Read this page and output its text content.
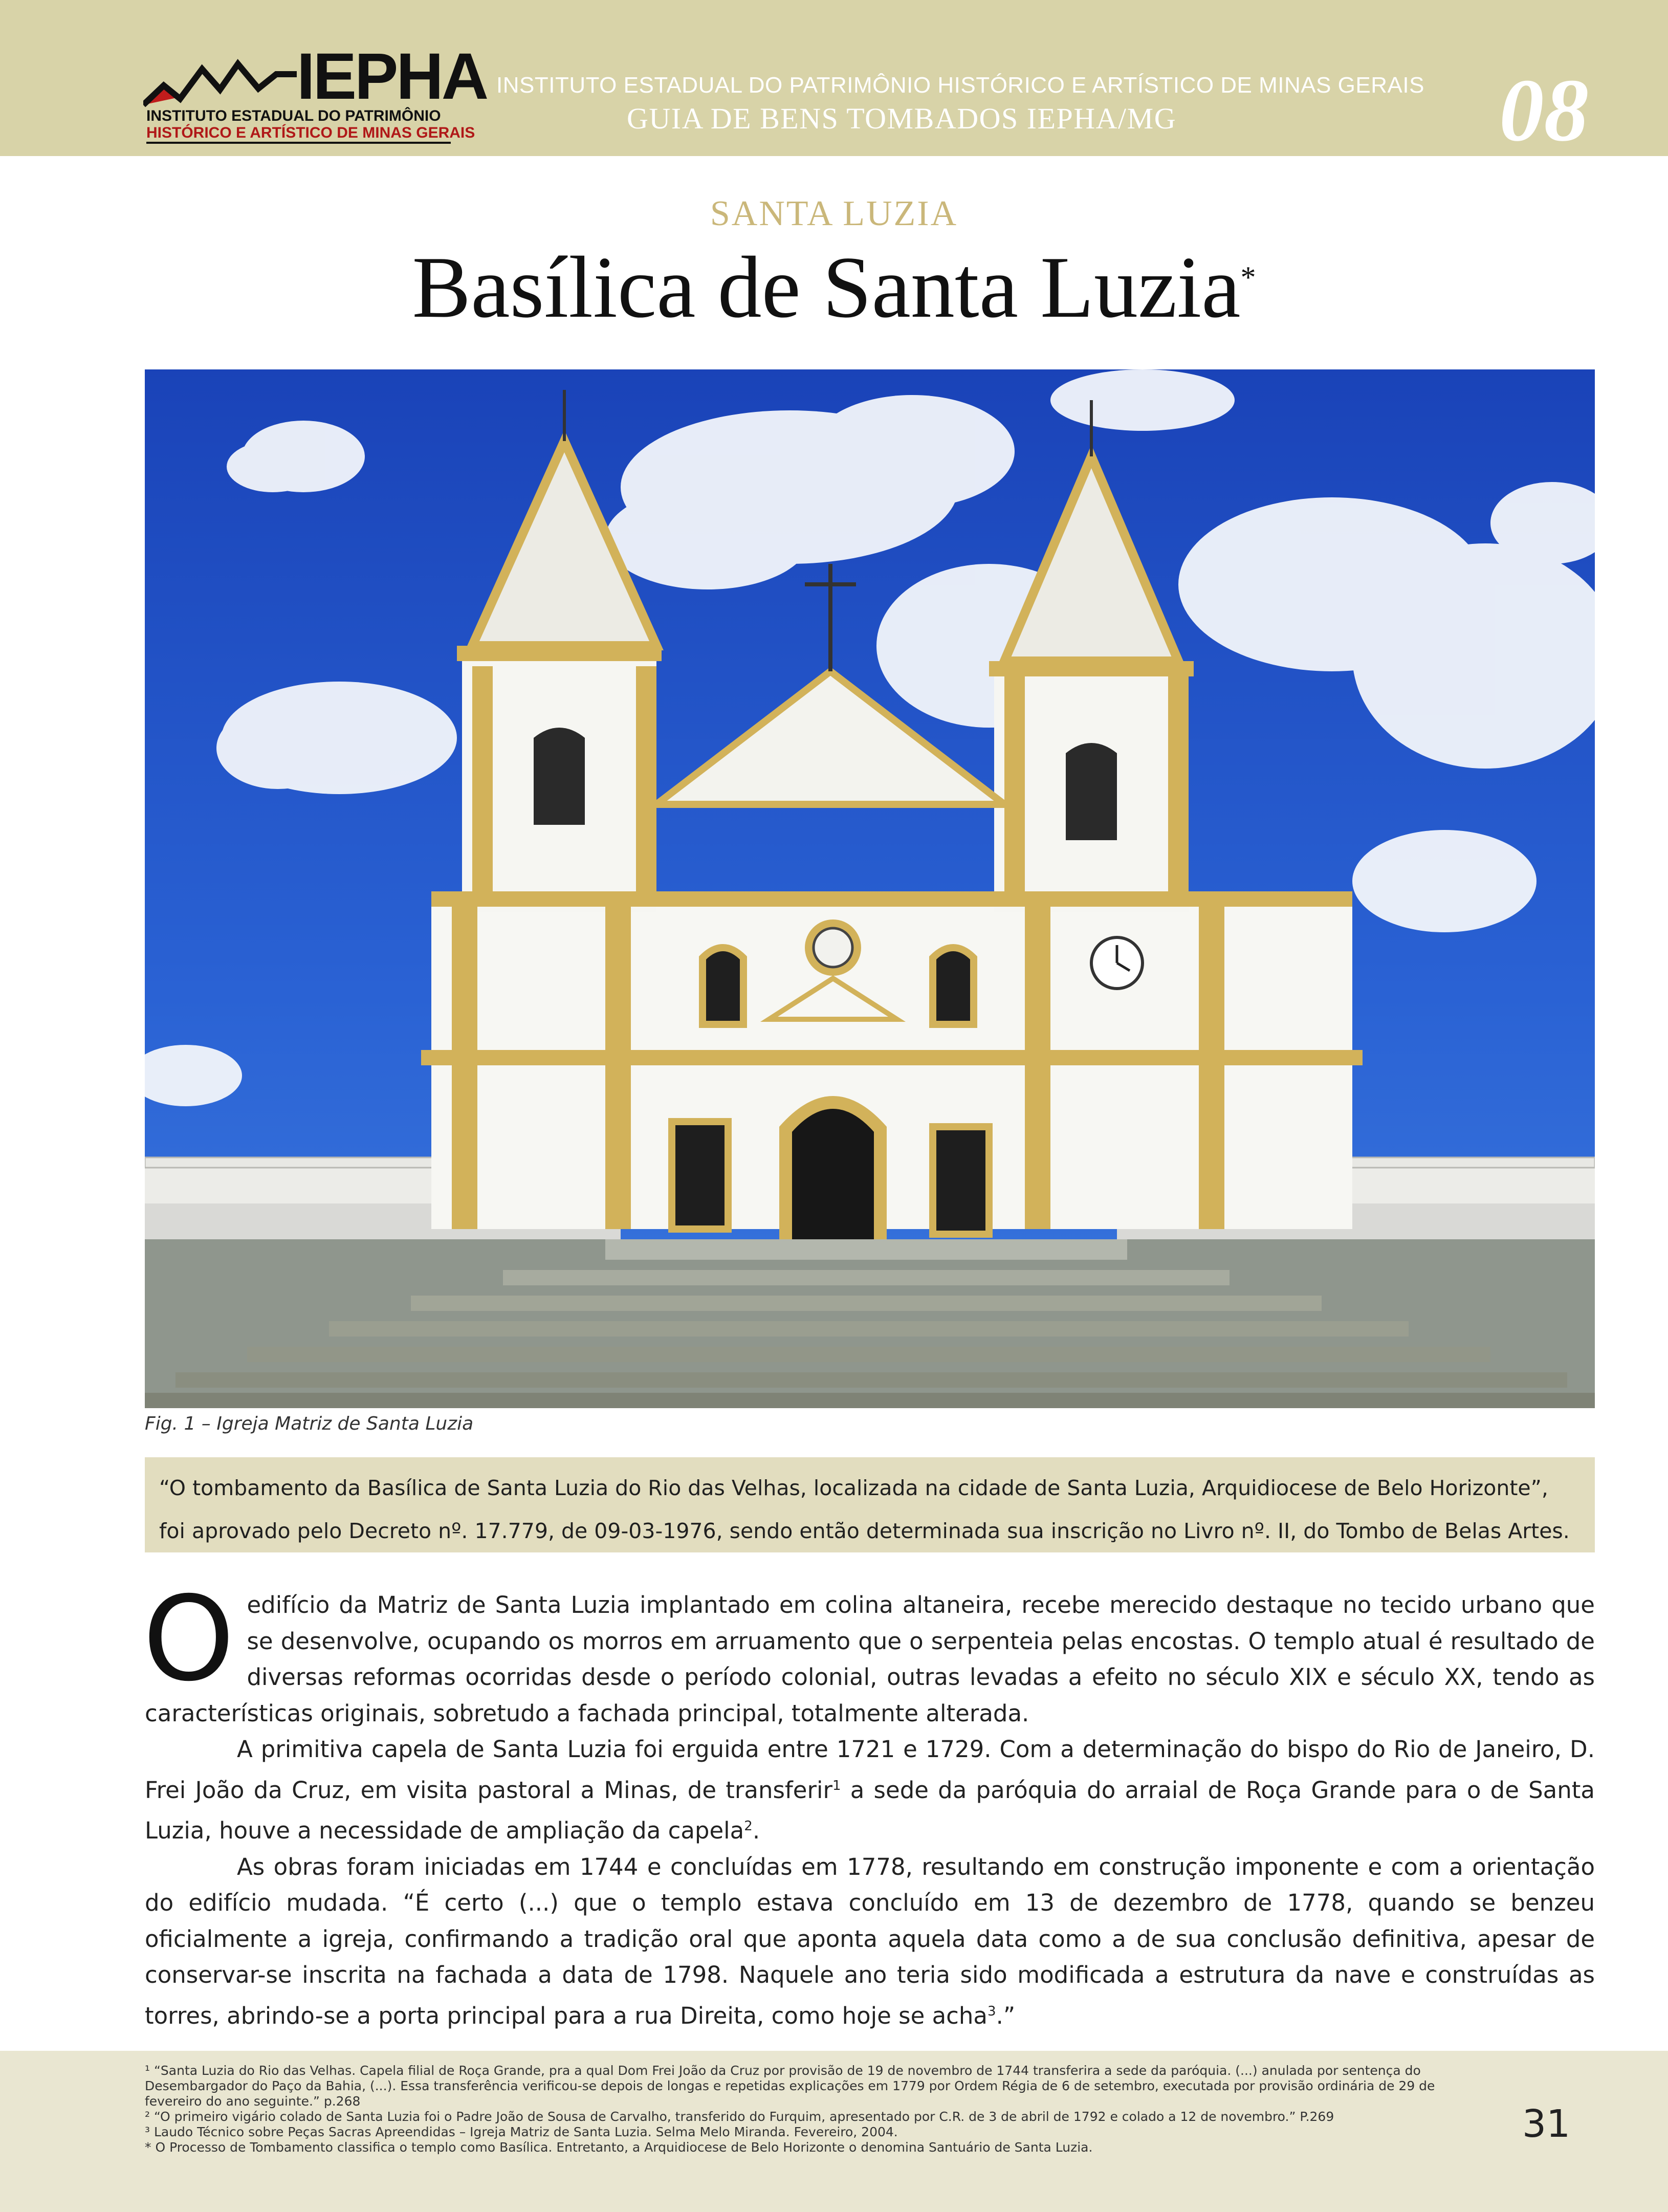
IEPHA
INSTITUTO ESTADUAL DO PATRIMÔNIO
HISTÓRICO E ARTÍSTICO DE MINAS GERAIS
INSTITUTO ESTADUAL DO PATRIMÔNIO HISTÓRICO E ARTÍSTICO DE MINAS GERAIS
GUIA DE BENS TOMBADOS IEPHA/MG	08
SANTA LUZIA
Basílica de Santa Luzia*
Fig. 1 – Igreja Matriz de Santa Luzia
“O tombamento da Basílica de Santa Luzia do Rio das Velhas, localizada na cidade de Santa Luzia, Arquidiocese de Belo Horizonte”, foi aprovado pelo Decreto nº. 17.779, de 09-03-1976, sendo então determinada sua inscrição no Livro nº. II, do Tombo de Belas Artes.

Oedifício da Matriz de Santa Luzia implantado em colina altaneira, recebe merecido destaque no tecido urbano que se desenvolve, ocupando os morros em arruamento que o serpenteia pelas encostas. O templo atual é resultado de diversas reformas ocorridas desde o período colonial, outras levadas a efeito no século XIX e século XX, tendo as características originais, sobretudo a fachada principal, totalmente alterada.

A primitiva capela de Santa Luzia foi erguida entre 1721 e 1729. Com a determinação do bispo do Rio de Janeiro, D. Frei João da Cruz, em visita pastoral a Minas, de transferir$^1$ a sede da paróquia do arraial de Roça Grande para o de Santa Luzia, houve a necessidade de ampliação da capela$^2$.

As obras foram iniciadas em 1744 e concluídas em 1778, resultando em construção imponente e com a orientação do edifício mudada. “É certo (...) que o templo estava concluído em 13 de dezembro de 1778, quando se benzeu oficialmente a igreja, confirmando a tradição oral que aponta aquela data como a de sua conclusão definitiva, apesar de conservar-se inscrita na fachada a data de 1798. Naquele ano teria sido modificada a estrutura da nave e construídas as torres, abrindo-se a porta principal para a rua Direita, como hoje se acha$^3$.”

¹ “Santa Luzia do Rio das Velhas. Capela filial de Roça Grande, pra a qual Dom Frei João da Cruz por provisão de 19 de novembro de 1744 transferira a sede da paróquia. (...) anulada por sentença do Desembargador do Paço da Bahia, (...). Essa transferência verificou-se depois de longas e repetidas explicações em 1779 por Ordem Régia de 6 de setembro, executada por provisão ordinária de 29 de fevereiro do ano seguinte.” p.268

² “O primeiro vigário colado de Santa Luzia foi o Padre João de Sousa de Carvalho, transferido do Furquim, apresentado por C.R. de 3 de abril de 1792 e colado a 12 de novembro.” P.269

³ Laudo Técnico sobre Peças Sacras Apreendidas – Igreja Matriz de Santa Luzia. Selma Melo Miranda. Fevereiro, 2004.

* O Processo de Tombamento classifica o templo como Basílica. Entretanto, a Arquidiocese de Belo Horizonte o denomina Santuário de Santa Luzia.

31
